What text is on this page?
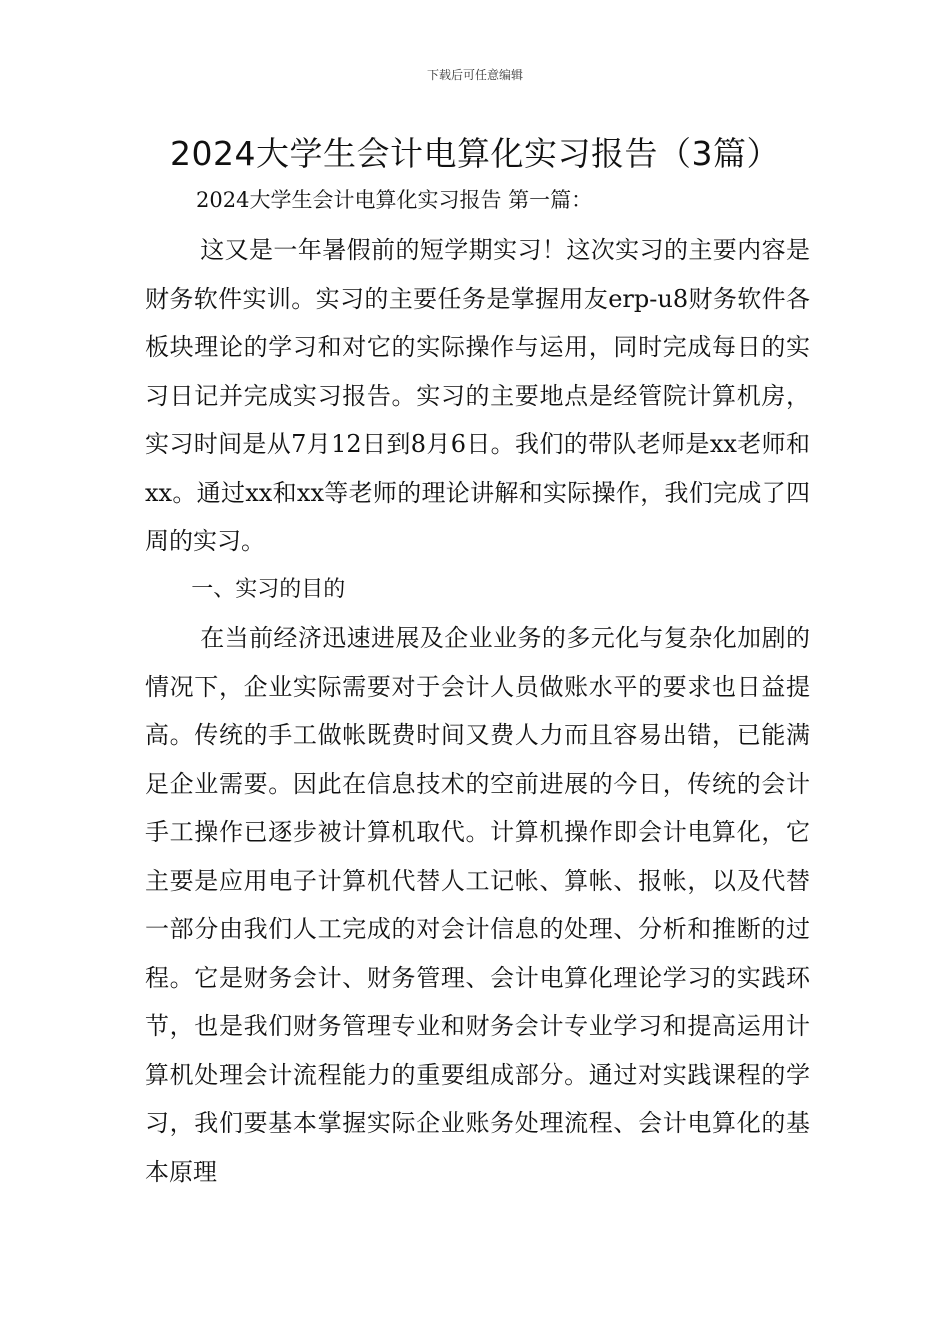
下载后可任意编辑
2024大学生会计电算化实习报告（3篇）
2024大学生会计电算化实习报告 第一篇：

这又是一年暑假前的短学期实习！这次实习的主要内容是财务软件实训。实习的主要任务是掌握用友erp-u8财务软件各板块理论的学习和对它的实际操作与运用，同时完成每日的实习日记并完成实习报告。实习的主要地点是经管院计算机房，实习时间是从7月12日到8月6日。我们的带队老师是xx老师和xx。通过xx和xx等老师的理论讲解和实际操作，我们完成了四周的实习。

一、实习的目的

在当前经济迅速进展及企业业务的多元化与复杂化加剧的情况下，企业实际需要对于会计人员做账水平的要求也日益提高。传统的手工做帐既费时间又费人力而且容易出错，已能满足企业需要。因此在信息技术的空前进展的今日，传统的会计手工操作已逐步被计算机取代。计算机操作即会计电算化，它主要是应用电子计算机代替人工记帐、算帐、报帐，以及代替一部分由我们人工完成的对会计信息的处理、分析和推断的过程。它是财务会计、财务管理、会计电算化理论学习的实践环节，也是我们财务管理专业和财务会计专业学习和提高运用计算机处理会计流程能力的重要组成部分。通过对实践课程的学习，我们要基本掌握实际企业账务处理流程、会计电算化的基本原理
